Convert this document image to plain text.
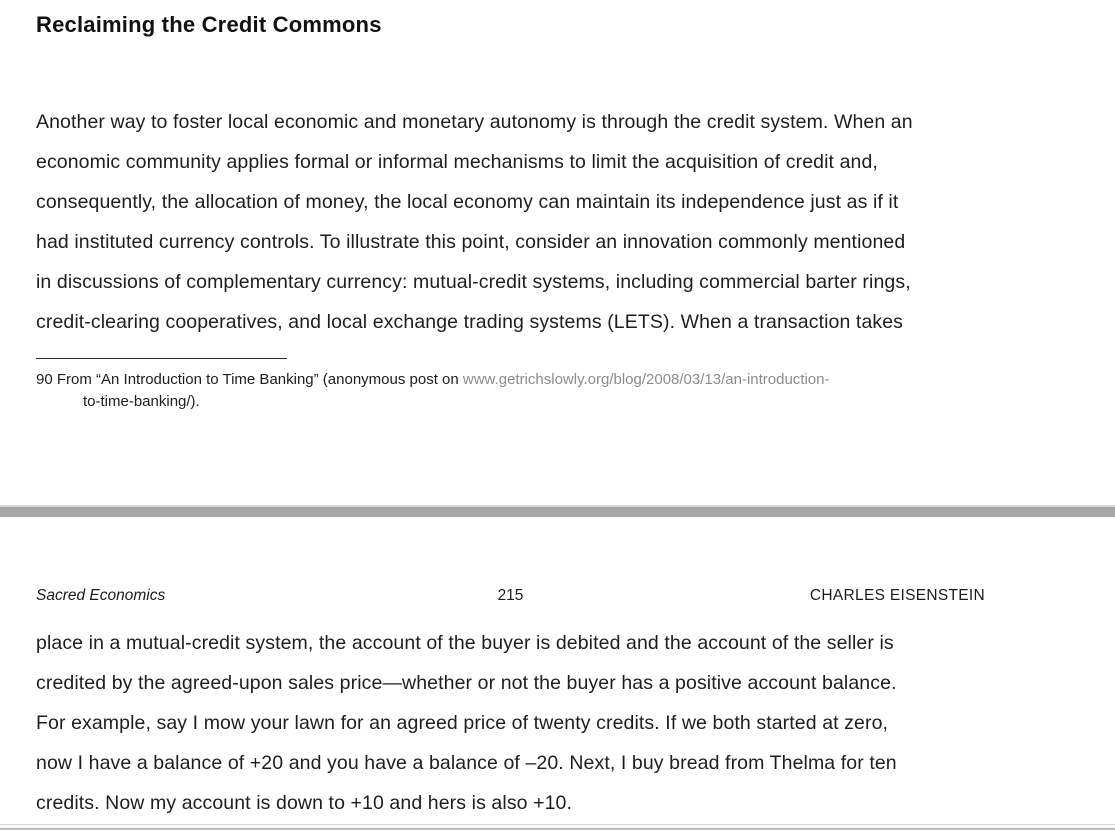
Reclaiming the Credit Commons
Another way to foster local economic and monetary autonomy is through the credit system. When an
economic community applies formal or informal mechanisms to limit the acquisition of credit and,
consequently, the allocation of money, the local economy can maintain its independence just as if it
had instituted currency controls. To illustrate this point, consider an innovation commonly mentioned
in discussions of complementary currency: mutual-credit systems, including commercial barter rings,
credit-clearing cooperatives, and local exchange trading systems (LETS). When a transaction takes
90 From “An Introduction to Time Banking” (anonymous post on www.getrichslowly.org/blog/2008/03/13/an-introduction-
to-time-banking/).
Sacred Economics	215	CHARLES EISENSTEIN
place in a mutual-credit system, the account of the buyer is debited and the account of the seller is
credited by the agreed-upon sales price—whether or not the buyer has a positive account balance.
For example, say I mow your lawn for an agreed price of twenty credits. If we both started at zero,
now I have a balance of +20 and you have a balance of –20. Next, I buy bread from Thelma for ten
credits. Now my account is down to +10 and hers is also +10.
